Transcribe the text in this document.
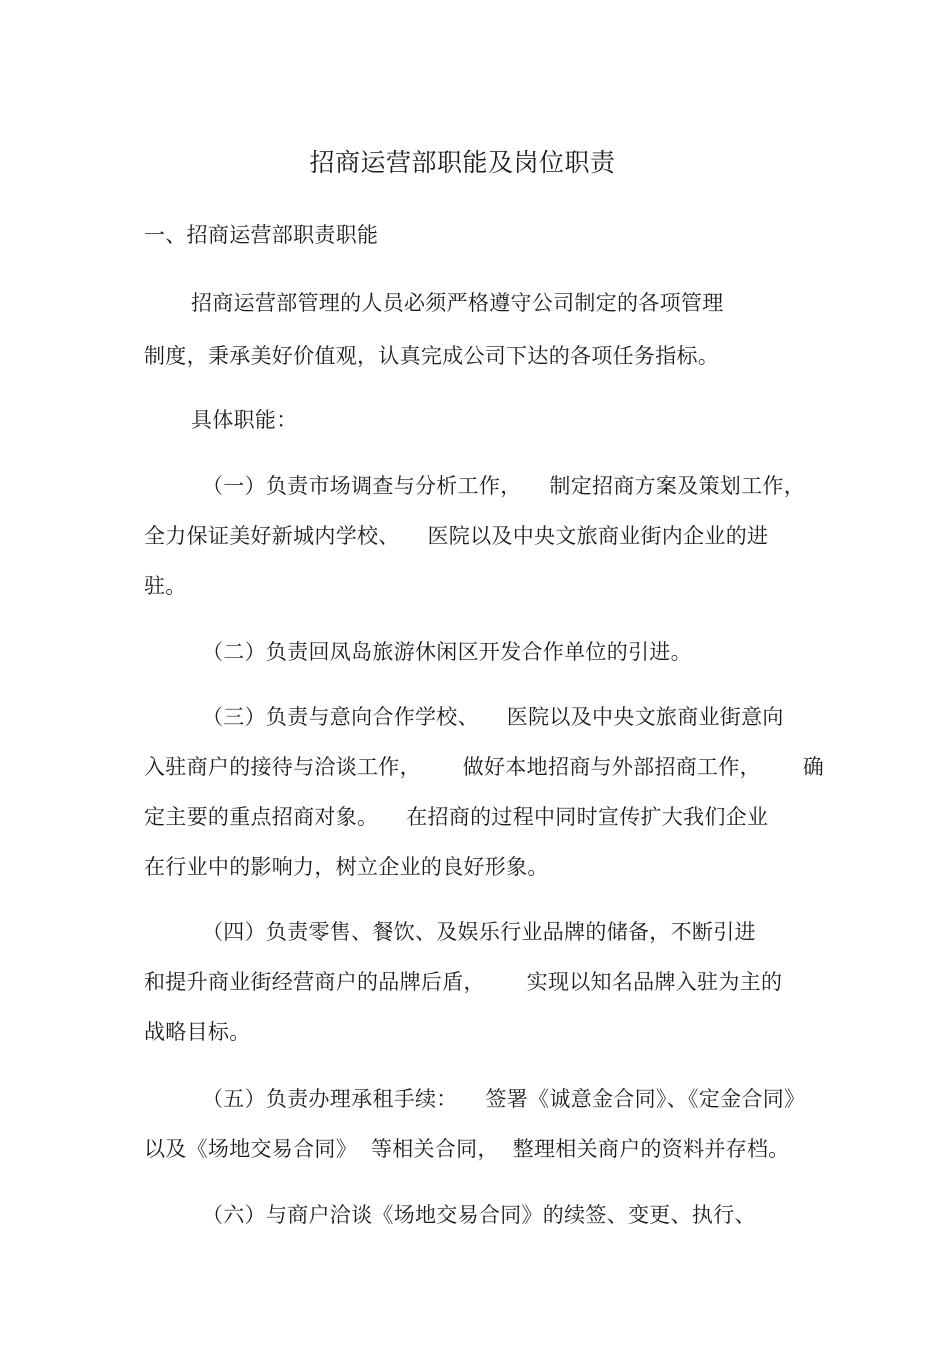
招商运营部职能及岗位职责
一、招商运营部职责职能
招商运营部管理的人员必须严格遵守公司制定的各项管理
制度，秉承美好价值观，认真完成公司下达的各项任务指标。
具体职能：
（一）负责市场调查与分析工作，    制定招商方案及策划工作，
全力保证美好新城内学校、    医院以及中央文旅商业街内企业的进
驻。
（二）负责回凤岛旅游休闲区开发合作单位的引进。
（三）负责与意向合作学校、    医院以及中央文旅商业街意向
入驻商户的接待与洽谈工作，      做好本地招商与外部招商工作，      确
定主要的重点招商对象。    在招商的过程中同时宣传扩大我们企业
在行业中的影响力，树立企业的良好形象。
（四）负责零售、餐饮、及娱乐行业品牌的储备，不断引进
和提升商业街经营商户的品牌后盾，      实现以知名品牌入驻为主的
战略目标。
（五）负责办理承租手续：    签署《诚意金合同》、《定金合同》
以及《场地交易合同》  等相关合同，  整理相关商户的资料并存档。
（六）与商户洽谈《场地交易合同》的续签、变更、执行、
